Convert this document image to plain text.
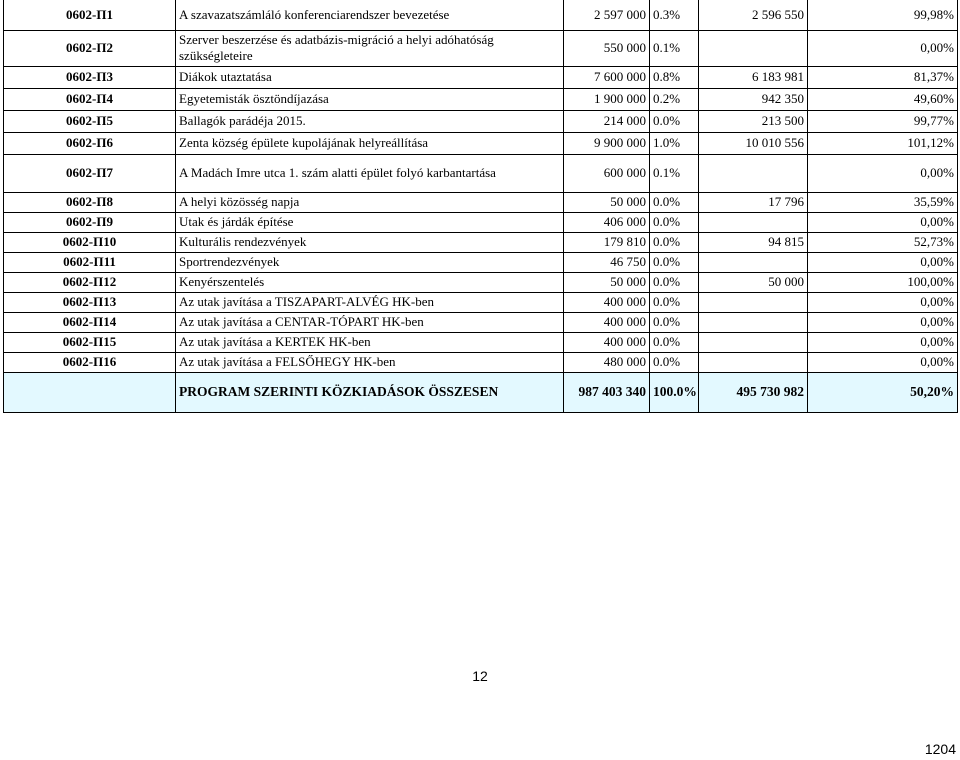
0602-П1	A szavazatszámláló konferenciarendszer bevezetése	2 597 000	0.3%	2 596 550	99,98%
0602-П2	Szerver beszerzése és adatbázis-migráció a helyi adóhatóság szükségleteire	550 000	0.1%		0,00%
0602-П3	Diákok utaztatása	7 600 000	0.8%	6 183 981	81,37%
0602-П4	Egyetemisták ösztöndíjazása	1 900 000	0.2%	942 350	49,60%
0602-П5	Ballagók parádéja 2015.	214 000	0.0%	213 500	99,77%
0602-П6	Zenta község épülete kupolájának helyreállítása	9 900 000	1.0%	10 010 556	101,12%
0602-П7	A Madách Imre utca 1. szám alatti épület folyó karbantartása	600 000	0.1%		0,00%
0602-П8	A helyi közösség napja	50 000	0.0%	17 796	35,59%
0602-П9	Utak és járdák építése	406 000	0.0%		0,00%
0602-П10	Kulturális rendezvények	179 810	0.0%	94 815	52,73%
0602-П11	Sportrendezvények	46 750	0.0%		0,00%
0602-П12	Kenyérszentelés	50 000	0.0%	50 000	100,00%
0602-П13	Az utak javítása a TISZAPART-ALVÉG HK-ben	400 000	0.0%		0,00%
0602-П14	Az utak javítása a CENTAR-TÓPART HK-ben	400 000	0.0%		0,00%
0602-П15	Az utak javítása a KERTEK HK-ben	400 000	0.0%		0,00%
0602-П16	Az utak javítása a FELSŐHEGY HK-ben	480 000	0.0%		0,00%
	PROGRAM SZERINTI KÖZKIADÁSOK ÖSSZESEN	987 403 340	100.0%	495 730 982	50,20%
12
1204
